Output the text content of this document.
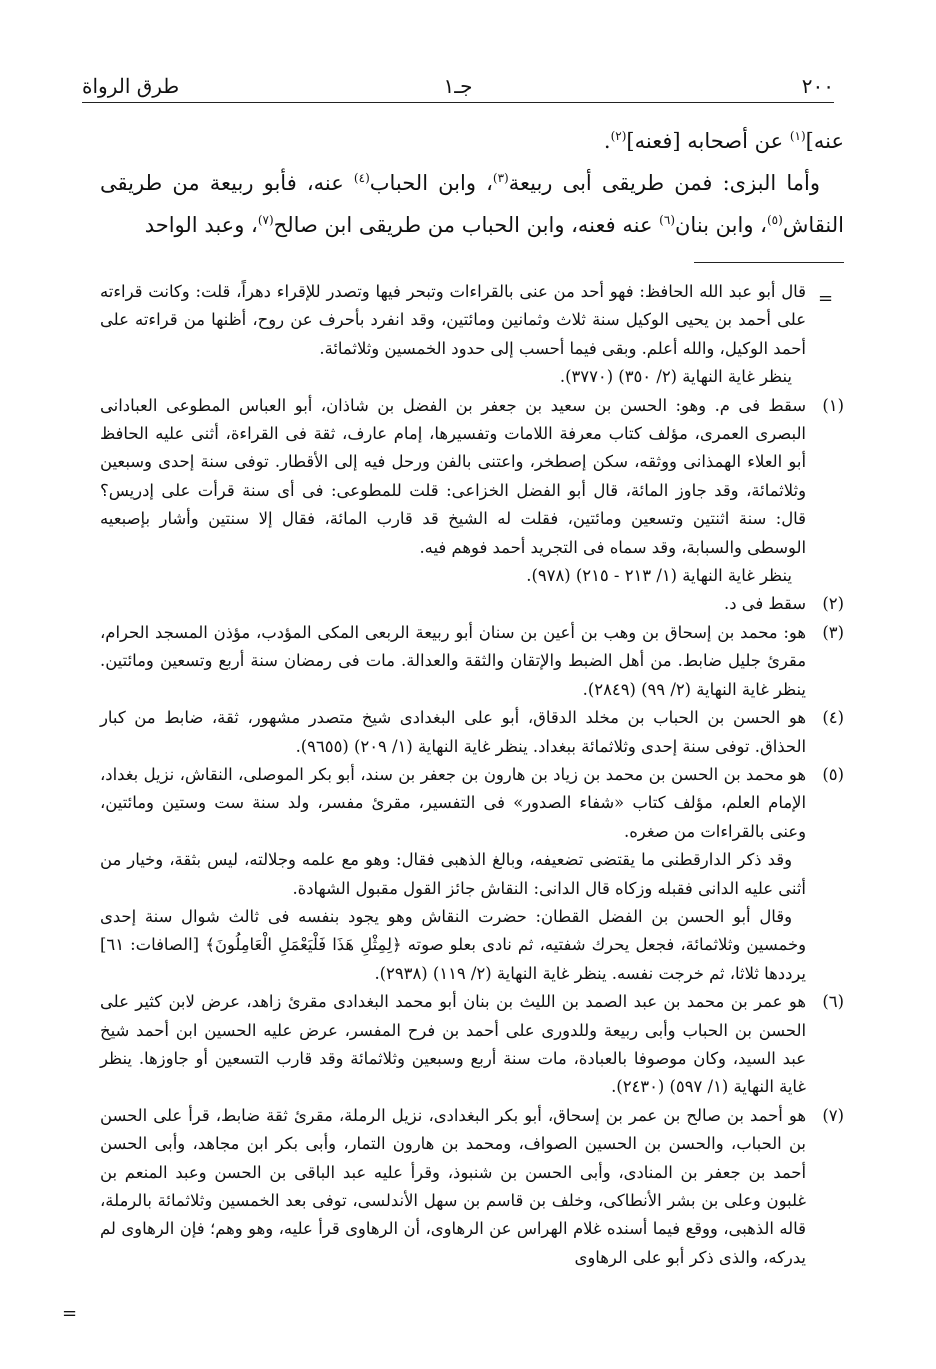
٢٠٠
جـ١
طرق الرواة

عنه]$^{(١)}$ عن أصحابه [فعنه]$^{(٢)}$.

وأما البزى: فمن طريقى أبى ربيعة$^{(٣)}$، وابن الحباب$^{(٤)}$ عنه، فأبو ربيعة من طريقى النقاش$^{(٥)}$، وابن بنان$^{(٦)}$ عنه فعنه، وابن الحباب من طريقى ابن صالح$^{(٧)}$، وعبد الواحد

=

قال أبو عبد الله الحافظ: فهو أحد من عنى بالقراءات وتبحر فيها وتصدر للإقراء دهراً، قلت: وكانت قراءته على أحمد بن يحيى الوكيل سنة ثلاث وثمانين ومائتين، وقد انفرد بأحرف عن روح، أظنها من قراءته على أحمد الوكيل، والله أعلم. وبقى فيما أحسب إلى حدود الخمسين وثلاثمائة.

ينظر غاية النهاية (٢/ ٣٥٠) (٣٧٧٠).

(١)

سقط فى م. وهو: الحسن بن سعيد بن جعفر بن الفضل بن شاذان، أبو العباس المطوعى العبادانى البصرى العمرى، مؤلف كتاب معرفة اللامات وتفسيرها، إمام عارف، ثقة فى القراءة، أثنى عليه الحافظ أبو العلاء الهمذانى ووثقه، سكن إصطخر، واعتنى بالفن ورحل فيه إلى الأقطار. توفى سنة إحدى وسبعين وثلاثمائة، وقد جاوز المائة، قال أبو الفضل الخزاعى: قلت للمطوعى: فى أى سنة قرأت على إدريس؟ قال: سنة اثنتين وتسعين ومائتين، فقلت له الشيخ قد قارب المائة، فقال إلا سنتين وأشار بإصبعيه الوسطى والسبابة، وقد سماه فى التجريد أحمد فوهم فيه.

ينظر غاية النهاية (١/ ٢١٣ - ٢١٥) (٩٧٨).

(٢)

سقط فى د.

(٣)

هو: محمد بن إسحاق بن وهب بن أعين بن سنان أبو ربيعة الربعى المكى المؤدب، مؤذن المسجد الحرام، مقرئ جليل ضابط. من أهل الضبط والإتقان والثقة والعدالة. مات فى رمضان سنة أربع وتسعين ومائتين. ينظر غاية النهاية (٢/ ٩٩) (٢٨٤٩).

(٤)

هو الحسن بن الحباب بن مخلد الدقاق، أبو على البغدادى شيخ متصدر مشهور، ثقة، ضابط من كبار الحذاق. توفى سنة إحدى وثلاثمائة ببغداد. ينظر غاية النهاية (١/ ٢٠٩) (٩٦٥٥).

(٥)

هو محمد بن الحسن بن محمد بن زياد بن هارون بن جعفر بن سند، أبو بكر الموصلى، النقاش، نزيل بغداد، الإمام العلم، مؤلف كتاب «شفاء الصدور» فى التفسير، مقرئ مفسر، ولد سنة ست وستين ومائتين، وعنى بالقراءات من صغره.

وقد ذكر الدارقطنى ما يقتضى تضعيفه، وبالغ الذهبى فقال: وهو مع علمه وجلالته، ليس بثقة، وخيار من أثنى عليه الدانى فقبله وزكاه قال الدانى: النقاش جائز القول مقبول الشهادة.

وقال أبو الحسن بن الفضل القطان: حضرت النقاش وهو يجود بنفسه فى ثالث شوال سنة إحدى وخمسين وثلاثمائة، فجعل يحرك شفتيه، ثم نادى بعلو صوته ﴿لِمِثْلِ هَذَا فَلْيَعْمَلِ الْعَامِلُونَ﴾ [الصافات: ٦١] يرددها ثلاثا، ثم خرجت نفسه. ينظر غاية النهاية (٢/ ١١٩) (٢٩٣٨).

(٦)

هو عمر بن محمد بن عبد الصمد بن الليث بن بنان أبو محمد البغدادى مقرئ زاهد، عرض لابن كثير على الحسن بن الحباب وأبى ربيعة وللدورى على أحمد بن فرح المفسر، عرض عليه الحسين ابن أحمد شيخ عبد السيد، وكان موصوفا بالعبادة، مات سنة أربع وسبعين وثلاثمائة وقد قارب التسعين أو جاوزها. ينظر غاية النهاية (١/ ٥٩٧) (٢٤٣٠).

(٧)

هو أحمد بن صالح بن عمر بن إسحاق، أبو بكر البغدادى، نزيل الرملة، مقرئ ثقة ضابط، قرأ على الحسن بن الحباب، والحسن بن الحسين الصواف، ومحمد بن هارون التمار، وأبى بكر ابن مجاهد، وأبى الحسن أحمد بن جعفر بن المنادى، وأبى الحسن بن شنبوذ، وقرأ عليه عبد الباقى بن الحسن وعبد المنعم بن غلبون وعلى بن بشر الأنطاكى، وخلف بن قاسم بن سهل الأندلسى، توفى بعد الخمسين وثلاثمائة بالرملة، قاله الذهبى، ووقع فيما أسنده غلام الهراس عن الرهاوى، أن الرهاوى قرأ عليه، وهو وهم؛ فإن الرهاوى لم يدركه، والذى ذكر أبو على الرهاوى

=
